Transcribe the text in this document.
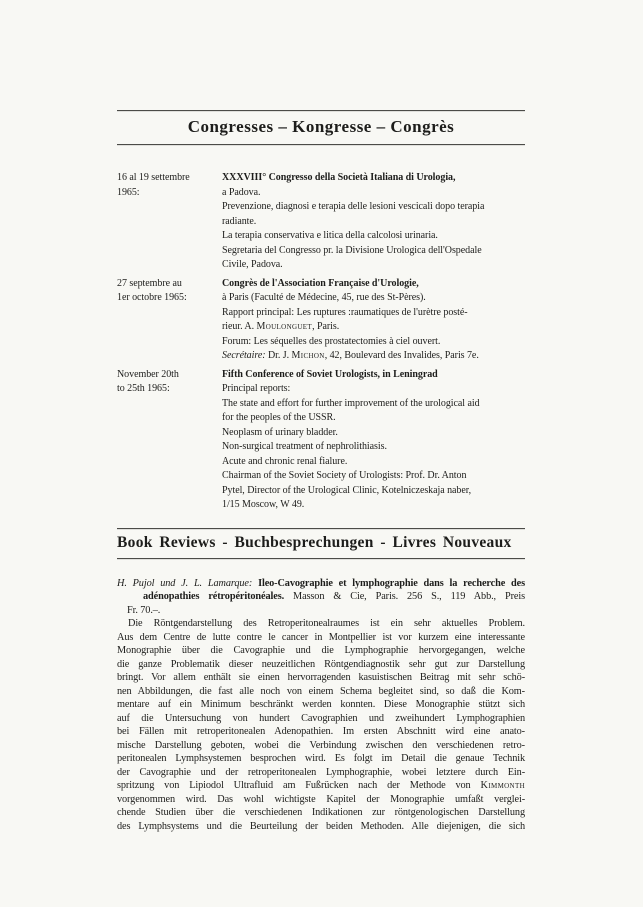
Congresses – Kongresse – Congrès
16 al 19 settembre
1965:
XXXVIII° Congresso della Società Italiana di Urologia,
a Padova.
Prevenzione, diagnosi e terapia delle lesioni vescicali dopo terapia
radiante.
La terapia conservativa e litica della calcolosi urinaria.
Segretaria del Congresso pr. la Divisione Urologica dell'Ospedale
Civile, Padova.
27 septembre au
1er octobre 1965:
Congrès de l'Association Française d'Urologie,
à Paris (Faculté de Médecine, 45, rue des St-Pères).
Rapport principal: Les ruptures :raumatiques de l'urètre posté-
rieur. A. Moulonguet, Paris.
Forum: Les séquelles des prostatectomies à ciel ouvert.
Secrétaire: Dr. J. Michon, 42, Boulevard des Invalides, Paris 7e.
November 20th
to 25th 1965:
Fifth Conference of Soviet Urologists, in Leningrad
Principal reports:
The state and effort for further improvement of the urological aid
for the peoples of the USSR.
Neoplasm of urinary bladder.
Non-surgical treatment of nephrolithiasis.
Acute and chronic renal fialure.
Chairman of the Soviet Society of Urologists: Prof. Dr. Anton
Pytel, Director of the Urological Clinic, Kotelniczeskaja naber,
1/15 Moscow, W 49.
Book Reviews - Buchbesprechungen - Livres Nouveaux
H. Pujol und J. L. Lamarque: Ileo-Cavographie et lymphographie dans la recherche des
adénopathies rétropéritonéales. Masson & Cie, Paris. 256 S., 119 Abb., Preis
Fr. 70.–.
Die Röntgendarstellung des Retroperitonealraumes ist ein sehr aktuelles Problem.
Aus dem Centre de lutte contre le cancer in Montpellier ist vor kurzem eine interessante
Monographie über die Cavographie und die Lymphographie hervorgegangen, welche
die ganze Problematik dieser neuzeitlichen Röntgendiagnostik sehr gut zur Darstellung
bringt. Vor allem enthält sie einen hervorragenden kasuistischen Beitrag mit sehr schö-
nen Abbildungen, die fast alle noch von einem Schema begleitet sind, so daß die Kom-
mentare auf ein Minimum beschränkt werden konnten. Diese Monographie stützt sich
auf die Untersuchung von hundert Cavographien und zweihundert Lymphographien
bei Fällen mit retroperitonealen Adenopathien. Im ersten Abschnitt wird eine anato-
mische Darstellung geboten, wobei die Verbindung zwischen den verschiedenen retro-
peritonealen Lymphsystemen besprochen wird. Es folgt im Detail die genaue Technik
der Cavographie und der retroperitonealen Lymphographie, wobei letztere durch Ein-
spritzung von Lipiodol Ultrafluid am Fußrücken nach der Methode von Kimmonth
vorgenommen wird. Das wohl wichtigste Kapitel der Monographie umfaßt verglei-
chende Studien über die verschiedenen Indikationen zur röntgenologischen Darstellung
des Lymphsystems und die Beurteilung der beiden Methoden. Alle diejenigen, die sich
